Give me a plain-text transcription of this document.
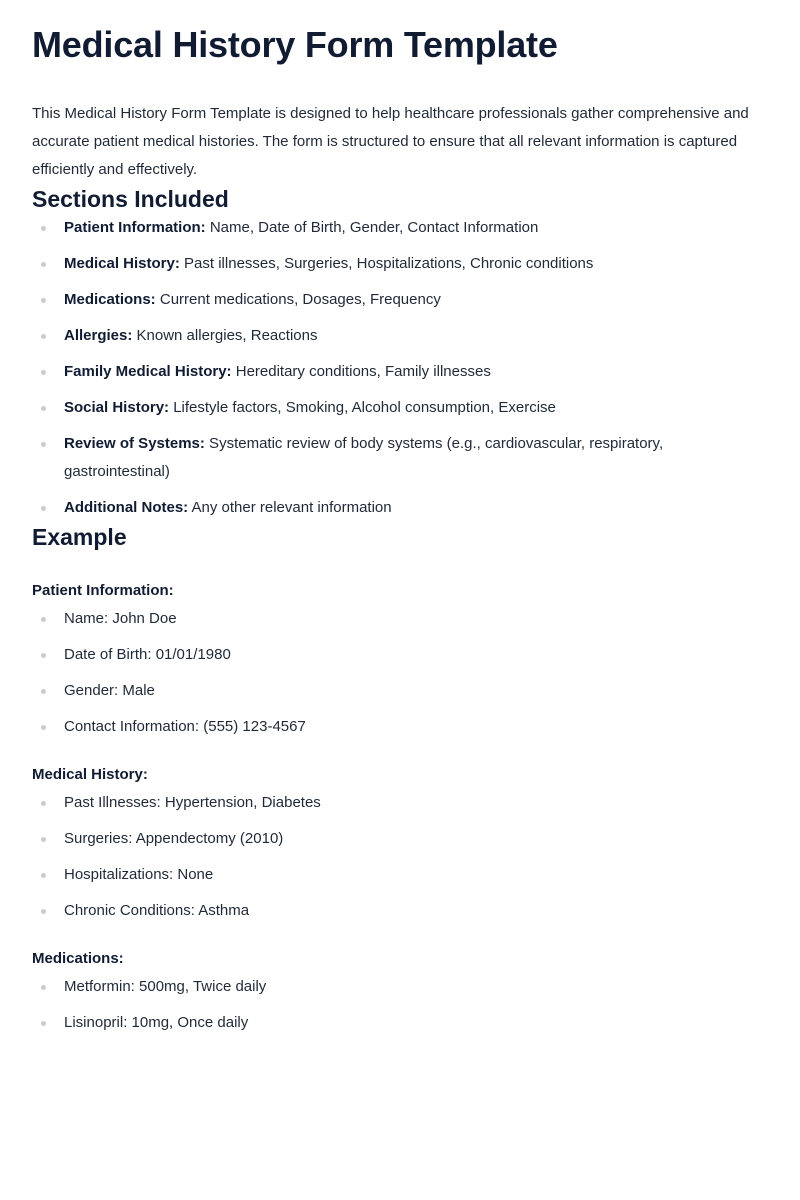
Medical History Form Template

This Medical History Form Template is designed to help healthcare professionals gather comprehensive and accurate patient medical histories. The form is structured to ensure that all relevant information is captured efficiently and effectively.

Sections Included
Patient Information: Name, Date of Birth, Gender, Contact Information
Medical History: Past illnesses, Surgeries, Hospitalizations, Chronic conditions
Medications: Current medications, Dosages, Frequency
Allergies: Known allergies, Reactions
Family Medical History: Hereditary conditions, Family illnesses
Social History: Lifestyle factors, Smoking, Alcohol consumption, Exercise
Review of Systems: Systematic review of body systems (e.g., cardiovascular, respiratory, gastrointestinal)
Additional Notes: Any other relevant information
Example

Patient Information:

Name: John Doe
Date of Birth: 01/01/1980
Gender: Male
Contact Information: (555) 123-4567

Medical History:

Past Illnesses: Hypertension, Diabetes
Surgeries: Appendectomy (2010)
Hospitalizations: None
Chronic Conditions: Asthma

Medications:

Metformin: 500mg, Twice daily
Lisinopril: 10mg, Once daily
